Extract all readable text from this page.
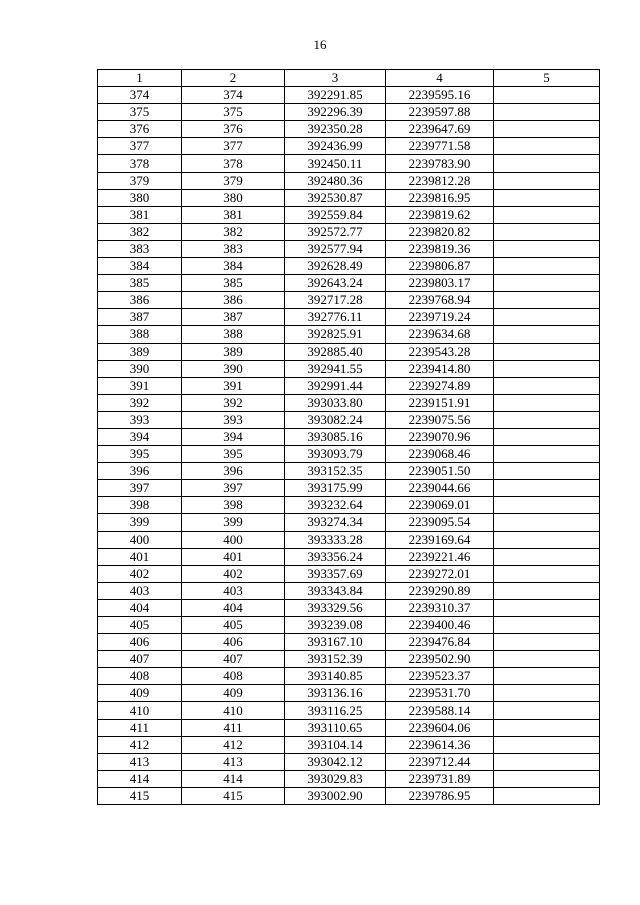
16
1	2	3	4	5
374	374	392291.85	2239595.16	
375	375	392296.39	2239597.88	
376	376	392350.28	2239647.69	
377	377	392436.99	2239771.58	
378	378	392450.11	2239783.90	
379	379	392480.36	2239812.28	
380	380	392530.87	2239816.95	
381	381	392559.84	2239819.62	
382	382	392572.77	2239820.82	
383	383	392577.94	2239819.36	
384	384	392628.49	2239806.87	
385	385	392643.24	2239803.17	
386	386	392717.28	2239768.94	
387	387	392776.11	2239719.24	
388	388	392825.91	2239634.68	
389	389	392885.40	2239543.28	
390	390	392941.55	2239414.80	
391	391	392991.44	2239274.89	
392	392	393033.80	2239151.91	
393	393	393082.24	2239075.56	
394	394	393085.16	2239070.96	
395	395	393093.79	2239068.46	
396	396	393152.35	2239051.50	
397	397	393175.99	2239044.66	
398	398	393232.64	2239069.01	
399	399	393274.34	2239095.54	
400	400	393333.28	2239169.64	
401	401	393356.24	2239221.46	
402	402	393357.69	2239272.01	
403	403	393343.84	2239290.89	
404	404	393329.56	2239310.37	
405	405	393239.08	2239400.46	
406	406	393167.10	2239476.84	
407	407	393152.39	2239502.90	
408	408	393140.85	2239523.37	
409	409	393136.16	2239531.70	
410	410	393116.25	2239588.14	
411	411	393110.65	2239604.06	
412	412	393104.14	2239614.36	
413	413	393042.12	2239712.44	
414	414	393029.83	2239731.89	
415	415	393002.90	2239786.95	
